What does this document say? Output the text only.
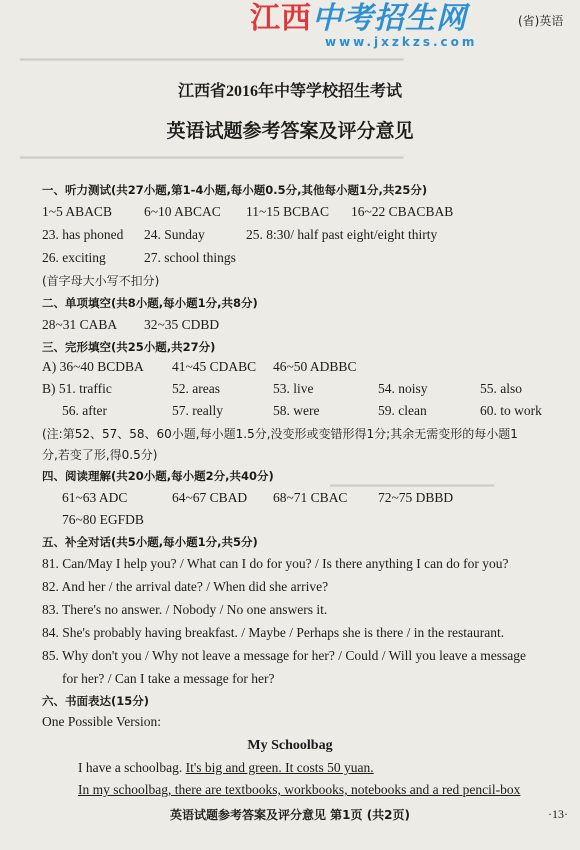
━━━━━━━━━━━━━━━━━━━━━━━━━━━━━━━━━━━━━━━━━━━━━━━━━
━━━━━━━━━━━━━━━━━━━━━━━━━━━━━━━━━━━━━━━━━━━━━━━━━
━━━━━━━━━━━━━━━━━━━━━
江西中考招生网
www.jxzkzs.com
(省)英语
江西省2016年中等学校招生考试
英语试题参考答案及评分意见
一、听力测试(共27小题,第1-4小题,每小题0.5分,其他每小题1分,共25分)
1~5 ABACB 6~10 ABCAC 11~15 BCBAC 16~22 CBACBAB
23. has phoned 24. Sunday	25. 8:30/ half past eight/eight thirty
26. exciting	27. school things
(首字母大小写不扣分)
二、单项填空(共8小题,每小题1分,共8分)
28~31 CABA 32~35 CDBD
三、完形填空(共25小题,共27分)
A) 36~40 BCDBA 41~45 CDABC 46~50 ADBBC
B) 51. traffic	52. areas	53. live	54. noisy	55. also
56. after	57. really	58. were	59. clean	60. to work
(注:第52、57、58、60小题,每小题1.5分,没变形或变错形得1分;其余无需变形的每小题1
分,若变了形,得0.5分)
四、阅读理解(共20小题,每小题2分,共40分)
61~63 ADC	64~67 CBAD 68~71 CBAC 72~75 DBBD
76~80 EGFDB
五、补全对话(共5小题,每小题1分,共5分)
81. Can/May I help you? / What can I do for you? / Is there anything I can do for you?
82. And her / the arrival date? / When did she arrive?
83. There's no answer. / Nobody / No one answers it.
84. She's probably having breakfast. / Maybe / Perhaps she is there / in the restaurant.
85. Why don't you / Why not leave a message for her? / Could / Will you leave a message
for her? / Can I take a message for her?
六、书面表达(15分)
One Possible Version:
My Schoolbag
I have a schoolbag. It's big and green. It costs 50 yuan.
In my schoolbag, there are textbooks, workbooks, notebooks and a red pencil-box
英语试题参考答案及评分意见 第1页 (共2页)	·13·
